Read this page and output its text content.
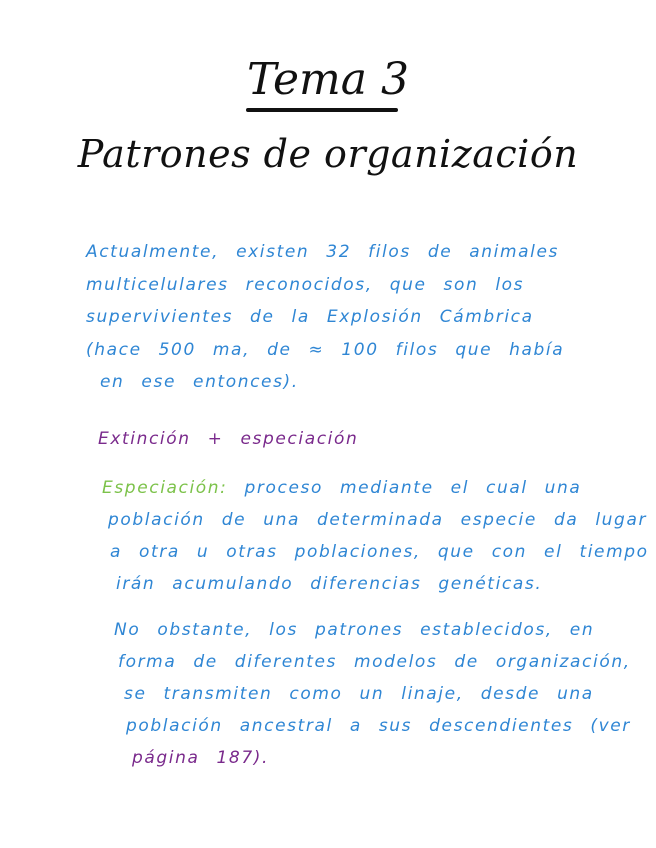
Tema 3
Patrones de organización
Actualmente, existen 32 filos de animales
multicelulares reconocidos, que son los
supervivientes de la Explosión Cámbrica
(hace 500 ma, de ≈ 100 filos que había
en ese entonces).
Extinción + especiación
Especiación: proceso mediante el cual una
población de una determinada especie da lugar
a otra u otras poblaciones, que con el tiempo
irán acumulando diferencias genéticas.
No obstante, los patrones establecidos, en
forma de diferentes modelos de organización,
se transmiten como un linaje, desde una
población ancestral a sus descendientes (ver
página 187).
